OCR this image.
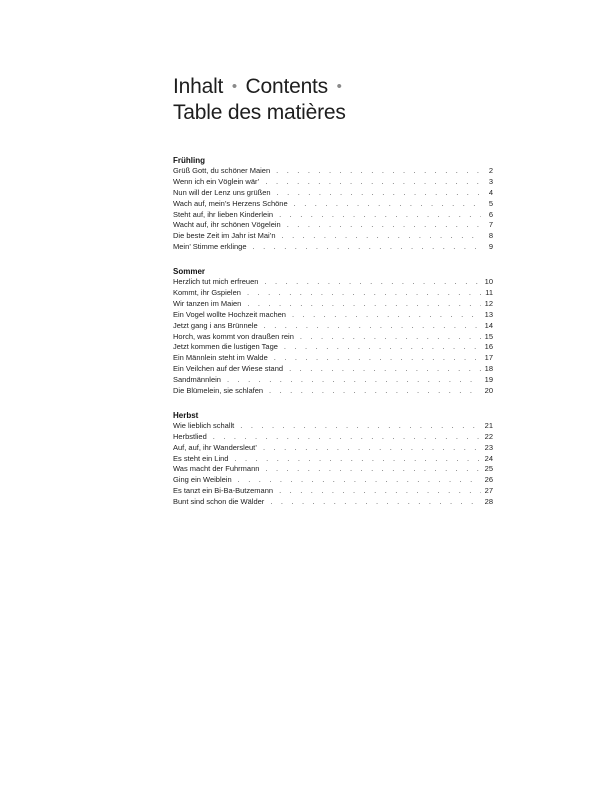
Inhalt • Contents •
Table des matières
Frühling
Grüß Gott, du schöner Maien . . .	2
Wenn ich ein Vöglein wär’ . . .	3
Nun will der Lenz uns grüßen . . .	4
Wach auf, mein’s Herzens Schöne . . .	5
Steht auf, ihr lieben Kinderlein . . .	6
Wacht auf, ihr schönen Vögelein . . .	7
Die beste Zeit im Jahr ist Mai’n . . .	8
Mein’ Stimme erklinge . . .	9
Sommer
Herzlich tut mich erfreuen . . .	10
Kommt, ihr Gspielen . . .	11
Wir tanzen im Maien . . .	12
Ein Vogel wollte Hochzeit machen . . .	13
Jetzt gang i ans Brünnele . . .	14
Horch, was kommt von draußen rein . . .	15
Jetzt kommen die lustigen Tage . . .	16
Ein Männlein steht im Walde . . .	17
Ein Veilchen auf der Wiese stand . . .	18
Sandmännlein . . .	19
Die Blümelein, sie schlafen . . .	20
Herbst
Wie lieblich schallt . . .	21
Herbstlied . . .	22
Auf, auf, ihr Wandersleut’ . . .	23
Es steht ein Lind . . .	24
Was macht der Fuhrmann . . .	25
Ging ein Weiblein . . .	26
Es tanzt ein Bi-Ba-Butzemann . . .	27
Bunt sind schon die Wälder . . .	28
